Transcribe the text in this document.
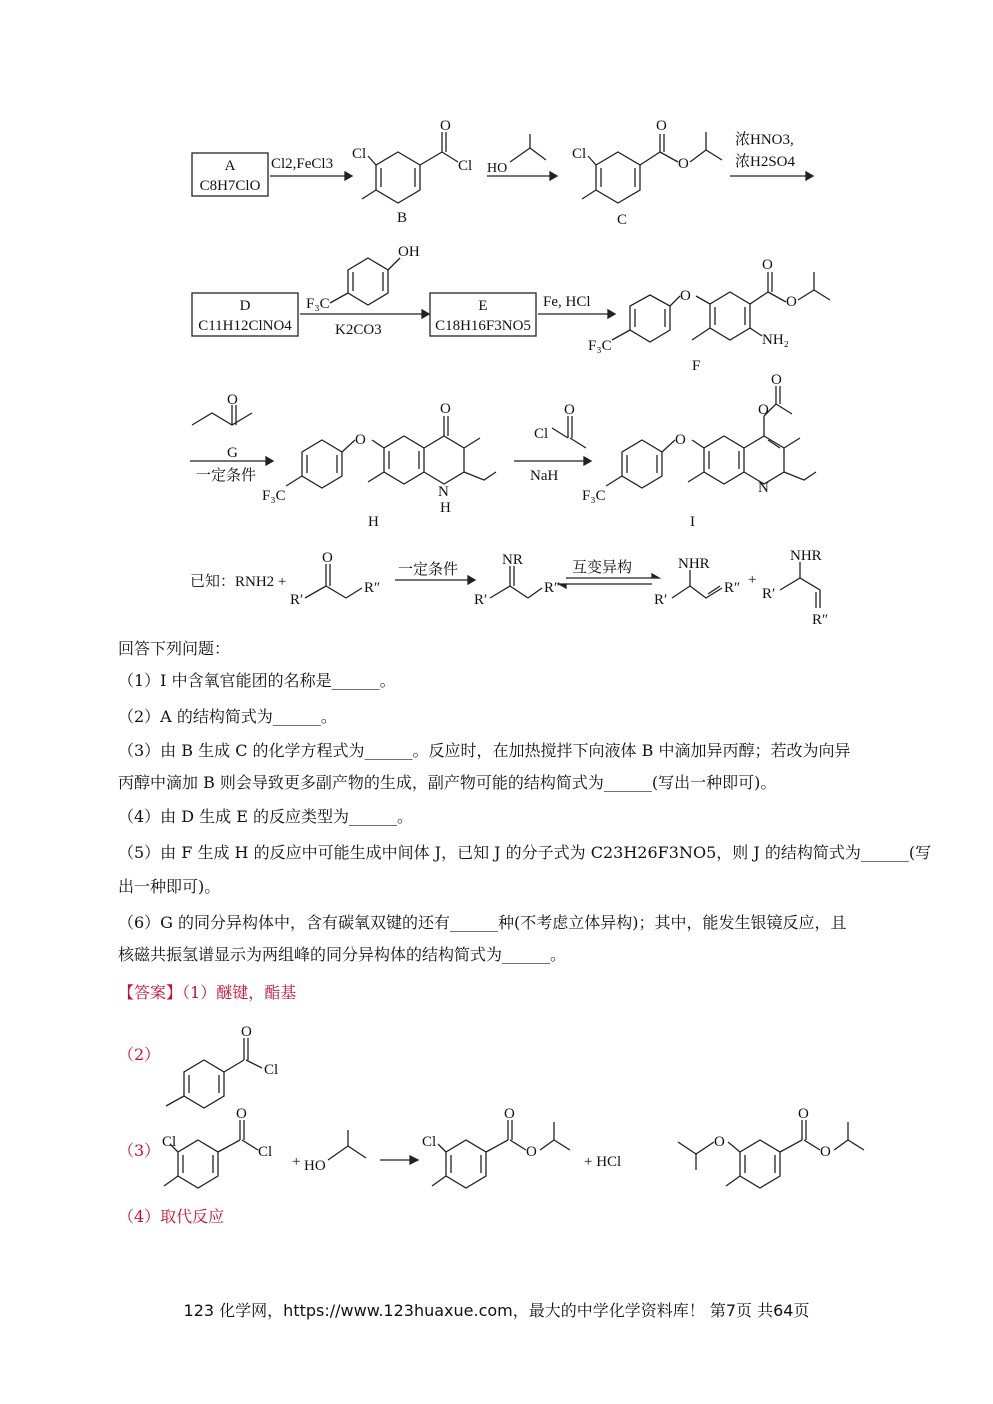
A
C8H7ClO
Cl2,FeCl3
O
Cl
Cl
B
HO
O
O
Cl
C
浓HNO3,
浓H2SO4
D
C11H12ClNO4
OH
F₃C
K2CO3
E
C18H16F3NO5
Fe, HCl	O
O
O
NH₂
F₃C
F
O
G
一定条件
O
O
N
H
F₃C
H
O
Cl
NaH
O
O
O
N
F₃C
I
已知：RNH2 +
O
R′
R″
一定条件
NR
R′
R″
互变异构	NHR
R′
R″ +
NHR
R′
R″
回答下列问题：
（1）I 中含氧官能团的名称是______。
（2）A 的结构简式为______。
（3）由 B 生成 C 的化学方程式为______。反应时，在加热搅拌下向液体 B 中滴加异丙醇；若改为向异
丙醇中滴加 B 则会导致更多副产物的生成，副产物可能的结构简式为______(写出一种即可)。
（4）由 D 生成 E 的反应类型为______。
（5）由 F 生成 H 的反应中可能生成中间体 J，已知 J 的分子式为 C23H26F3NO5，则 J 的结构简式为______(写
出一种即可)。
（6）G 的同分异构体中，含有碳氧双键的还有______种(不考虑立体异构)；其中，能发生银镜反应，且
核磁共振氢谱显示为两组峰的同分异构体的结构简式为______。
【答案】（1）醚键，酯基
（2）
（3）
（4）取代反应
O
Cl
Cl
O
Cl
+ HO
Cl
O
O
+ HCl
O
O
O
123 化学网，https://www.123huaxue.com，最大的中学化学资料库！ 第7页 共64页
